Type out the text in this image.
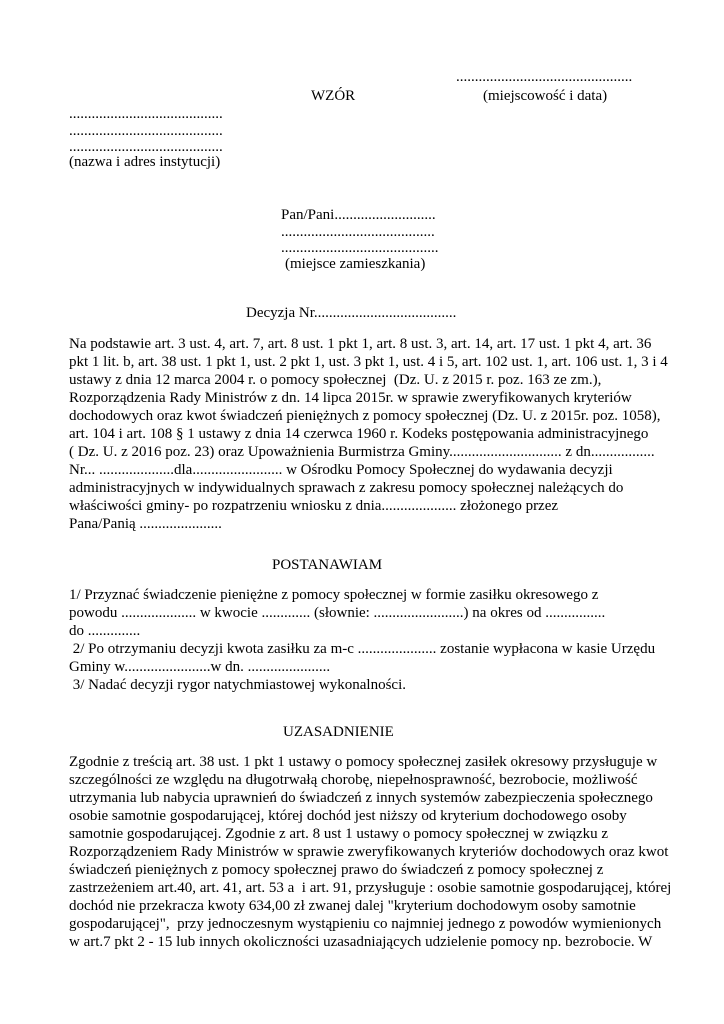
...............................................
WZÓR	(miejscowość i data)
.........................................
.........................................
.........................................
(nazwa i adres instytucji)
Pan/Pani...........................
.........................................
..........................................
(miejsce zamieszkania)
Decyzja Nr......................................
Na podstawie art. 3 ust. 4, art. 7, art. 8 ust. 1 pkt 1, art. 8 ust. 3, art. 14, art. 17 ust. 1 pkt 4, art. 36
pkt 1 lit. b, art. 38 ust. 1 pkt 1, ust. 2 pkt 1, ust. 3 pkt 1, ust. 4 i 5, art. 102 ust. 1, art. 106 ust. 1, 3 i 4
ustawy z dnia 12 marca 2004 r. o pomocy społecznej  (Dz. U. z 2015 r. poz. 163 ze zm.),
Rozporządzenia Rady Ministrów z dn. 14 lipca 2015r. w sprawie zweryfikowanych kryteriów
dochodowych oraz kwot świadczeń pieniężnych z pomocy społecznej (Dz. U. z 2015r. poz. 1058),
art. 104 i art. 108 § 1 ustawy z dnia 14 czerwca 1960 r. Kodeks postępowania administracyjnego
( Dz. U. z 2016 poz. 23) oraz Upoważnienia Burmistrza Gminy.............................. z dn.................
Nr... ....................dla........................ w Ośrodku Pomocy Społecznej do wydawania decyzji
administracyjnych w indywidualnych sprawach z zakresu pomocy społecznej należących do
właściwości gminy- po rozpatrzeniu wniosku z dnia.................... złożonego przez
Pana/Panią ......................
POSTANAWIAM
1/ Przyznać świadczenie pieniężne z pomocy społecznej w formie zasiłku okresowego z
powodu .................... w kwocie ............. (słownie: ........................) na okres od ................
do ..............
2/ Po otrzymaniu decyzji kwota zasiłku za m-c ..................... zostanie wypłacona w kasie Urzędu
Gminy w.......................w dn. ......................
3/ Nadać decyzji rygor natychmiastowej wykonalności.
UZASADNIENIE
Zgodnie z treścią art. 38 ust. 1 pkt 1 ustawy o pomocy społecznej zasiłek okresowy przysługuje w
szczególności ze względu na długotrwałą chorobę, niepełnosprawność, bezrobocie, możliwość
utrzymania lub nabycia uprawnień do świadczeń z innych systemów zabezpieczenia społecznego
osobie samotnie gospodarującej, której dochód jest niższy od kryterium dochodowego osoby
samotnie gospodarującej. Zgodnie z art. 8 ust 1 ustawy o pomocy społecznej w związku z
Rozporządzeniem Rady Ministrów w sprawie zweryfikowanych kryteriów dochodowych oraz kwot
świadczeń pieniężnych z pomocy społecznej prawo do świadczeń z pomocy społecznej z
zastrzeżeniem art.40, art. 41, art. 53 a  i art. 91, przysługuje : osobie samotnie gospodarującej, której
dochód nie przekracza kwoty 634,00 zł zwanej dalej "kryterium dochodowym osoby samotnie
gospodarującej",  przy jednoczesnym wystąpieniu co najmniej jednego z powodów wymienionych
w art.7 pkt 2 - 15 lub innych okoliczności uzasadniających udzielenie pomocy np. bezrobocie. W
